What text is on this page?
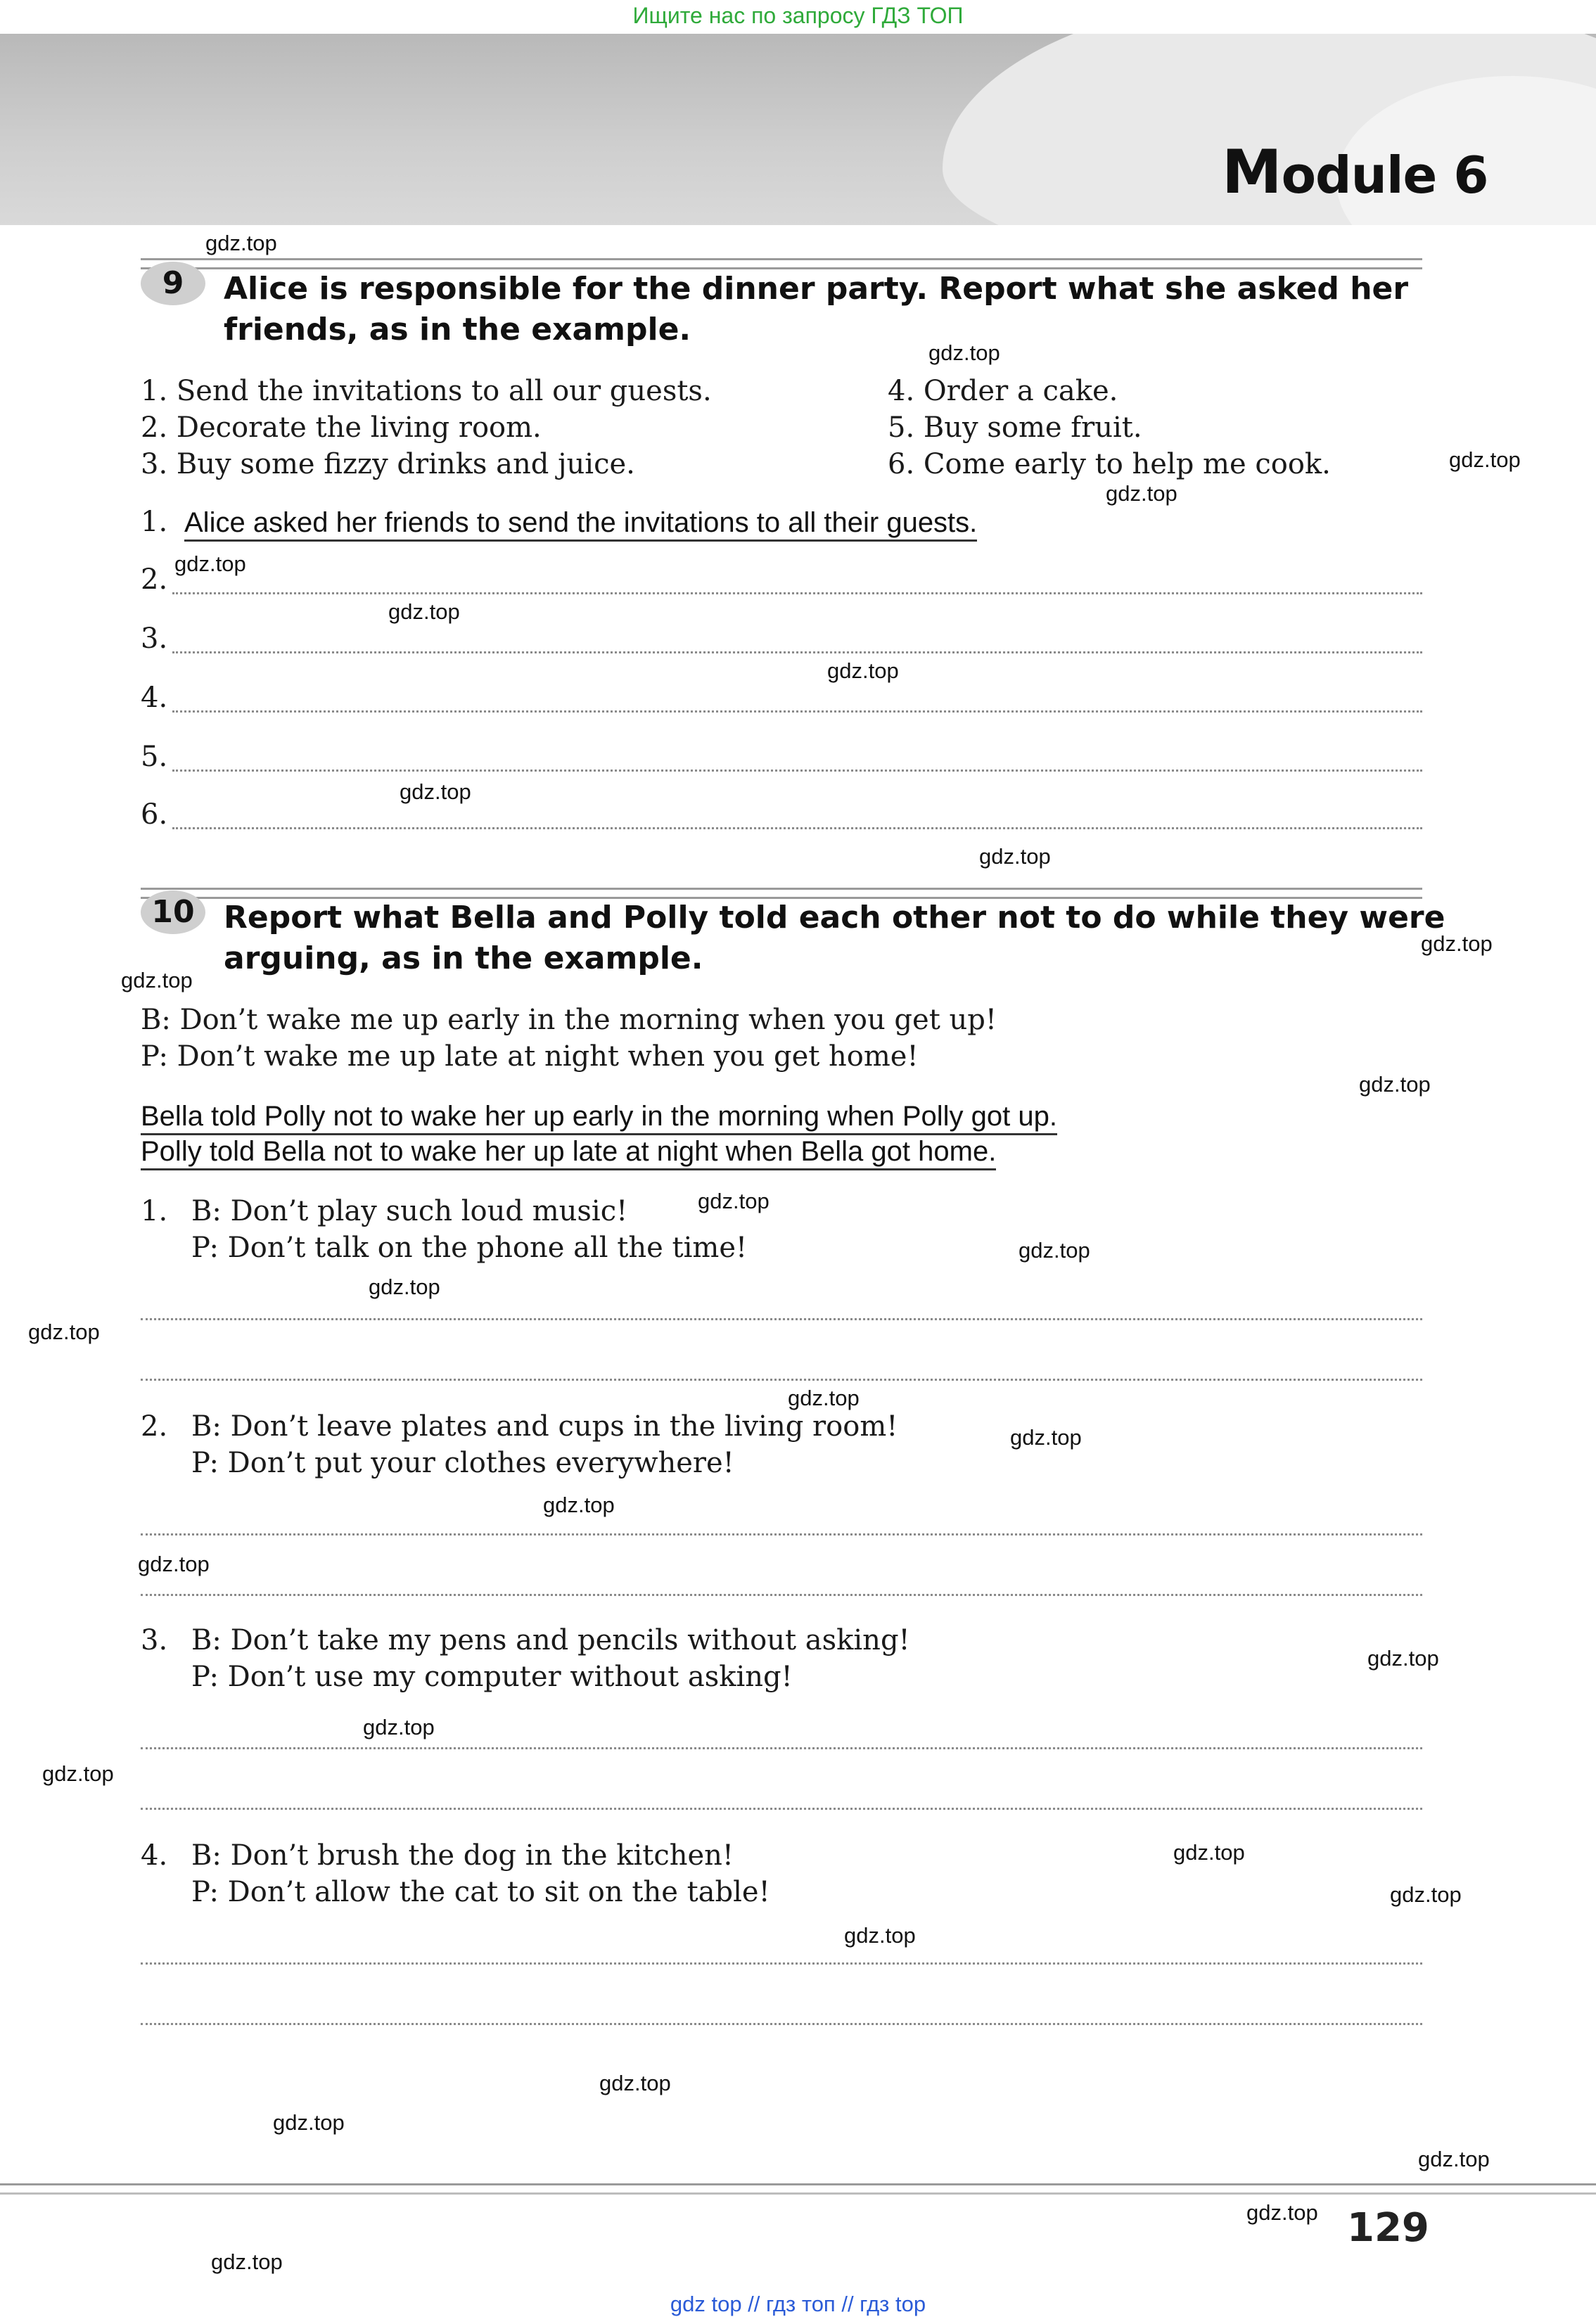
Ищите нас по запросу ГДЗ ТОП
Module 6
9	Alice is responsible for the dinner party. Report what she asked her
friends, as in the example.
1. Send the invitations to all our guests.
2. Decorate the living room.
3. Buy some fizzy drinks and juice.
4. Order a cake.
5. Buy some fruit.
6. Come early to help me cook.
1. Alice asked her friends to send the invitations to all their guests.
2.
3.
4.
5.
6.
10 Report what Bella and Polly told each other not to do while they were
arguing, as in the example.
B: Don’t wake me up early in the morning when you get up!
P: Don’t wake me up late at night when you get home!
Bella told Polly not to wake her up early in the morning when Polly got up.
Polly told Bella not to wake her up late at night when Bella got home.
1. B: Don’t play such loud music!
P: Don’t talk on the phone all the time!
2. B: Don’t leave plates and cups in the living room!
P: Don’t put your clothes everywhere!
3. B: Don’t take my pens and pencils without asking!
P: Don’t use my computer without asking!
4. B: Don’t brush the dog in the kitchen!
P: Don’t allow the cat to sit on the table!
gdz.top
gdz.top
gdz.top
gdz.top
gdz.top
gdz.top
gdz.top
gdz.top
gdz.top
gdz.top
gdz.top
gdz.top
gdz.top
gdz.top
gdz.top
gdz.top
gdz.top
gdz.top
gdz.top
gdz.top
gdz.top
gdz.top
gdz.top
gdz.top
gdz.top
gdz.top
gdz.top
gdz.top
gdz.top
gdz.top
gdz.top
129
gdz top // гдз топ // гдз top
